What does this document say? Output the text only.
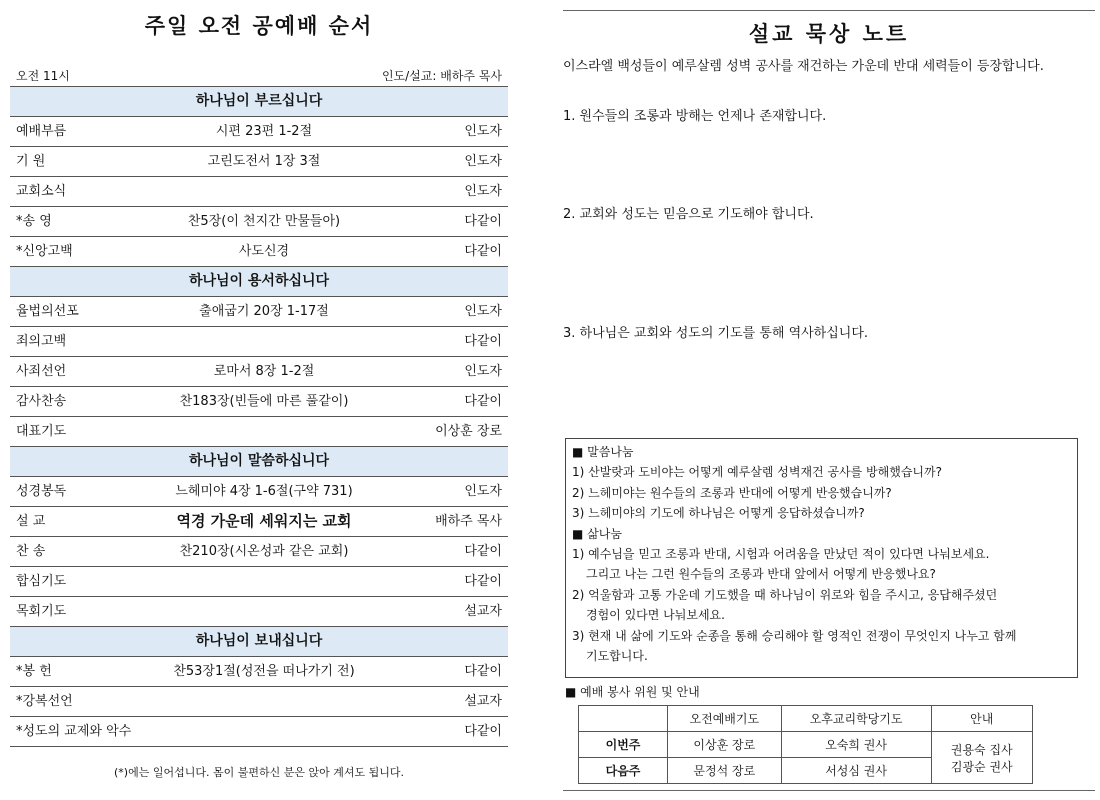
주일 오전 공예배 순서
오전 11시	인도/설교: 배하주 목사
하나님이 부르십니다
예배부름	시편 23편 1-2절	인도자
기 원	고린도전서 1장 3절	인도자
교회소식	인도자
*송 영	찬5장(이 천지간 만물들아)	다같이
*신앙고백	사도신경	다같이
하나님이 용서하십니다
율법의선포	출애굽기 20장 1-17절	인도자
죄의고백	다같이
사죄선언	로마서 8장 1-2절	인도자
감사찬송	찬183장(빈들에 마른 풀같이)	다같이
대표기도	이상훈 장로
하나님이 말씀하십니다
성경봉독	느헤미야 4장 1-6절(구약 731)	인도자
설 교	역경 가운데 세워지는 교회	배하주 목사
찬 송	찬210장(시온성과 같은 교회)	다같이
합심기도	다같이
목회기도	설교자
하나님이 보내십니다
*봉 헌	찬53장1절(성전을 떠나가기 전)	다같이
*강복선언	설교자
*성도의 교제와 악수	다같이
(*)에는 일어섭니다. 몸이 불편하신 분은 앉아 계셔도 됩니다.
설교 묵상 노트
이스라엘 백성들이 예루살렘 성벽 공사를 재건하는 가운데 반대 세력들이 등장합니다.
1. 원수들의 조롱과 방해는 언제나 존재합니다.
2. 교회와 성도는 믿음으로 기도해야 합니다.
3. 하나님은 교회와 성도의 기도를 통해 역사하십니다.
■ 말씀나눔
1) 산발랏과 도비야는 어떻게 예루살렘 성벽재건 공사를 방해했습니까?
2) 느헤미야는 원수들의 조롱과 반대에 어떻게 반응했습니까?
3) 느헤미야의 기도에 하나님은 어떻게 응답하셨습니까?
■ 삶나눔
1) 예수님을 믿고 조롱과 반대, 시험과 어려움을 만났던 적이 있다면 나눠보세요.
그리고 나는 그런 원수들의 조롱과 반대 앞에서 어떻게 반응했나요?
2) 억울함과 고통 가운데 기도했을 때 하나님이 위로와 힘을 주시고, 응답해주셨던
경험이 있다면 나눠보세요.
3) 현재 내 삶에 기도와 순종을 통해 승리해야 할 영적인 전쟁이 무엇인지 나누고 함께
기도합니다.
■ 예배 봉사 위원 및 안내
	오전예배기도	오후교리학당기도	안내
이번주	이상훈 장로	오숙희 권사	권용숙 집사
김광순 권사

다음주	문정석 장로	서성심 권사	
